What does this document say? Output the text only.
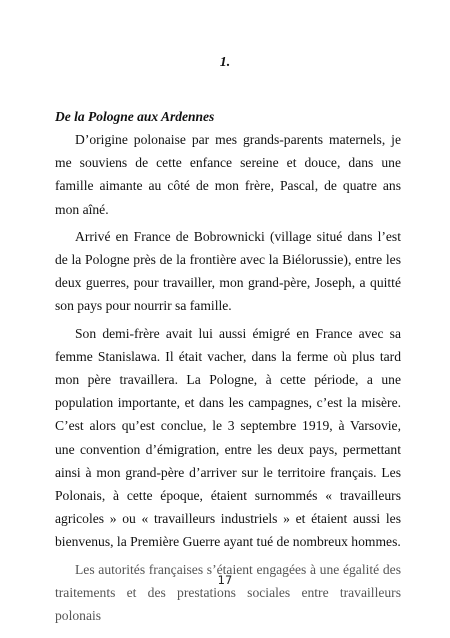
1.
De la Pologne aux Ardennes

D’origine polonaise par mes grands-parents maternels, je me souviens de cette enfance sereine et douce, dans une famille aimante au côté de mon frère, Pascal, de quatre ans mon aîné.

Arrivé en France de Bobrownicki (village situé dans l’est de la Pologne près de la frontière avec la Biélorussie), entre les deux guerres, pour travailler, mon grand-père, Joseph, a quitté son pays pour nourrir sa famille.

Son demi-frère avait lui aussi émigré en France avec sa femme Stanislawa. Il était vacher, dans la ferme où plus tard mon père travaillera. La Pologne, à cette période, a une population importante, et dans les campagnes, c’est la misère. C’est alors qu’est conclue, le 3 septembre 1919, à Varsovie, une convention d’émigration, entre les deux pays, permettant ainsi à mon grand-père d’arriver sur le territoire français. Les Polonais, à cette époque, étaient surnommés « travailleurs agricoles » ou « travailleurs industriels » et étaient aussi les bienvenus, la Première Guerre ayant tué de nombreux hommes.

Les autorités françaises s’étaient engagées à une égalité des traitements et des prestations sociales entre travailleurs polonais

17
